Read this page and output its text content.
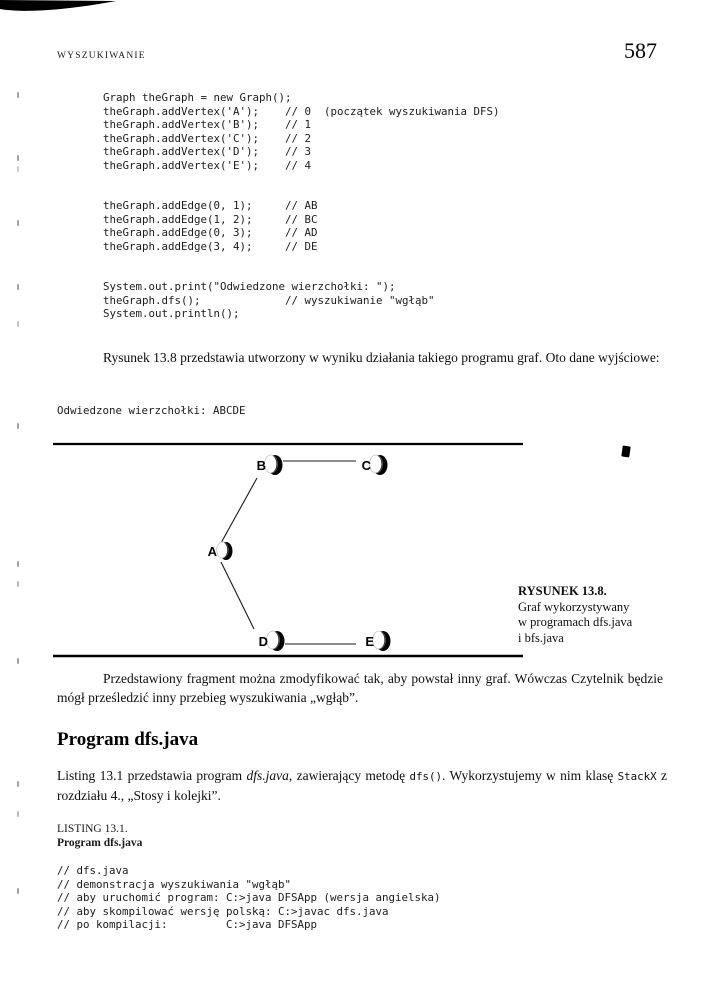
WYSZUKIWANIE	587
Graph theGraph = new Graph();
theGraph.addVertex('A');    // 0  (początek wyszukiwania DFS)
theGraph.addVertex('B');    // 1
theGraph.addVertex('C');    // 2
theGraph.addVertex('D');    // 3
theGraph.addVertex('E');    // 4
theGraph.addEdge(0, 1);     // AB
theGraph.addEdge(1, 2);     // BC
theGraph.addEdge(0, 3);     // AD
theGraph.addEdge(3, 4);     // DE
System.out.print("Odwiedzone wierzchołki: ");
theGraph.dfs();             // wyszukiwanie "wgłąb"
System.out.println();

Rysunek 13.8 przedstawia utworzony w wyniku działania takiego programu graf. Oto dane wyjściowe:

Odwiedzone wierzchołki: ABCDE
B	C
A
D	E
RYSUNEK 13.8.
Graf wykorzystywany
w programach dfs.java
i bfs.java

Przedstawiony fragment można zmodyfikować tak, aby powstał inny graf. Wówczas Czytelnik będzie mógł prześledzić inny przebieg wyszukiwania „wgłąb”.

Program dfs.java

Listing 13.1 przedstawia program dfs.java, zawierający metodę dfs(). Wykorzystujemy w nim klasę StackX z rozdziału 4., „Stosy i kolejki”.

LISTING 13.1.
Program dfs.java
// dfs.java
// demonstracja wyszukiwania "wgłąb"
// aby uruchomić program: C:>java DFSApp (wersja angielska)
// aby skompilować wersję polską: C:>javac dfs.java
// po kompilacji:         C:>java DFSApp
